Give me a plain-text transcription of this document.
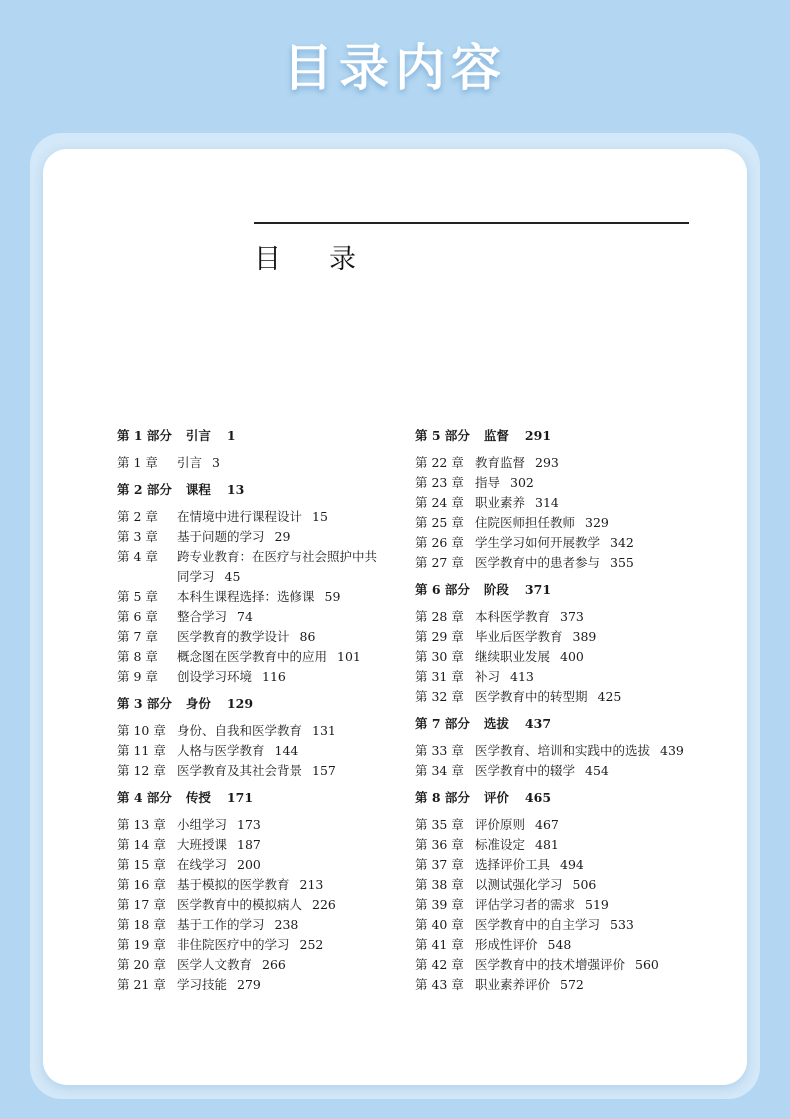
目录内容
目录
第 1 部分 引言 1
第 1 章	引言 3
第 2 部分 课程 13
第 2 章	在情境中进行课程设计 15
第 3 章	基于问题的学习 29
第 4 章	跨专业教育：在医疗与社会照护中共同学习 45
第 5 章	本科生课程选择：选修课 59
第 6 章	整合学习 74
第 7 章	医学教育的教学设计 86
第 8 章	概念图在医学教育中的应用 101
第 9 章	创设学习环境 116
第 3 部分 身份 129
第 10 章 身份、自我和医学教育 131
第 11 章 人格与医学教育 144
第 12 章 医学教育及其社会背景 157
第 4 部分 传授 171
第 13 章 小组学习 173
第 14 章 大班授课 187
第 15 章 在线学习 200
第 16 章 基于模拟的医学教育 213
第 17 章 医学教育中的模拟病人 226
第 18 章 基于工作的学习 238
第 19 章 非住院医疗中的学习 252
第 20 章 医学人文教育 266
第 21 章 学习技能 279
第 5 部分 监督 291
第 22 章 教育监督 293
第 23 章 指导 302
第 24 章 职业素养 314
第 25 章 住院医师担任教师 329
第 26 章 学生学习如何开展教学 342
第 27 章 医学教育中的患者参与 355
第 6 部分 阶段 371
第 28 章 本科医学教育 373
第 29 章 毕业后医学教育 389
第 30 章 继续职业发展 400
第 31 章 补习 413
第 32 章 医学教育中的转型期 425
第 7 部分 选拔 437
第 33 章 医学教育、培训和实践中的选拔 439
第 34 章 医学教育中的辍学 454
第 8 部分 评价 465
第 35 章 评价原则 467
第 36 章 标准设定 481
第 37 章 选择评价工具 494
第 38 章 以测试强化学习 506
第 39 章 评估学习者的需求 519
第 40 章 医学教育中的自主学习 533
第 41 章 形成性评价 548
第 42 章 医学教育中的技术增强评价 560
第 43 章 职业素养评价 572
